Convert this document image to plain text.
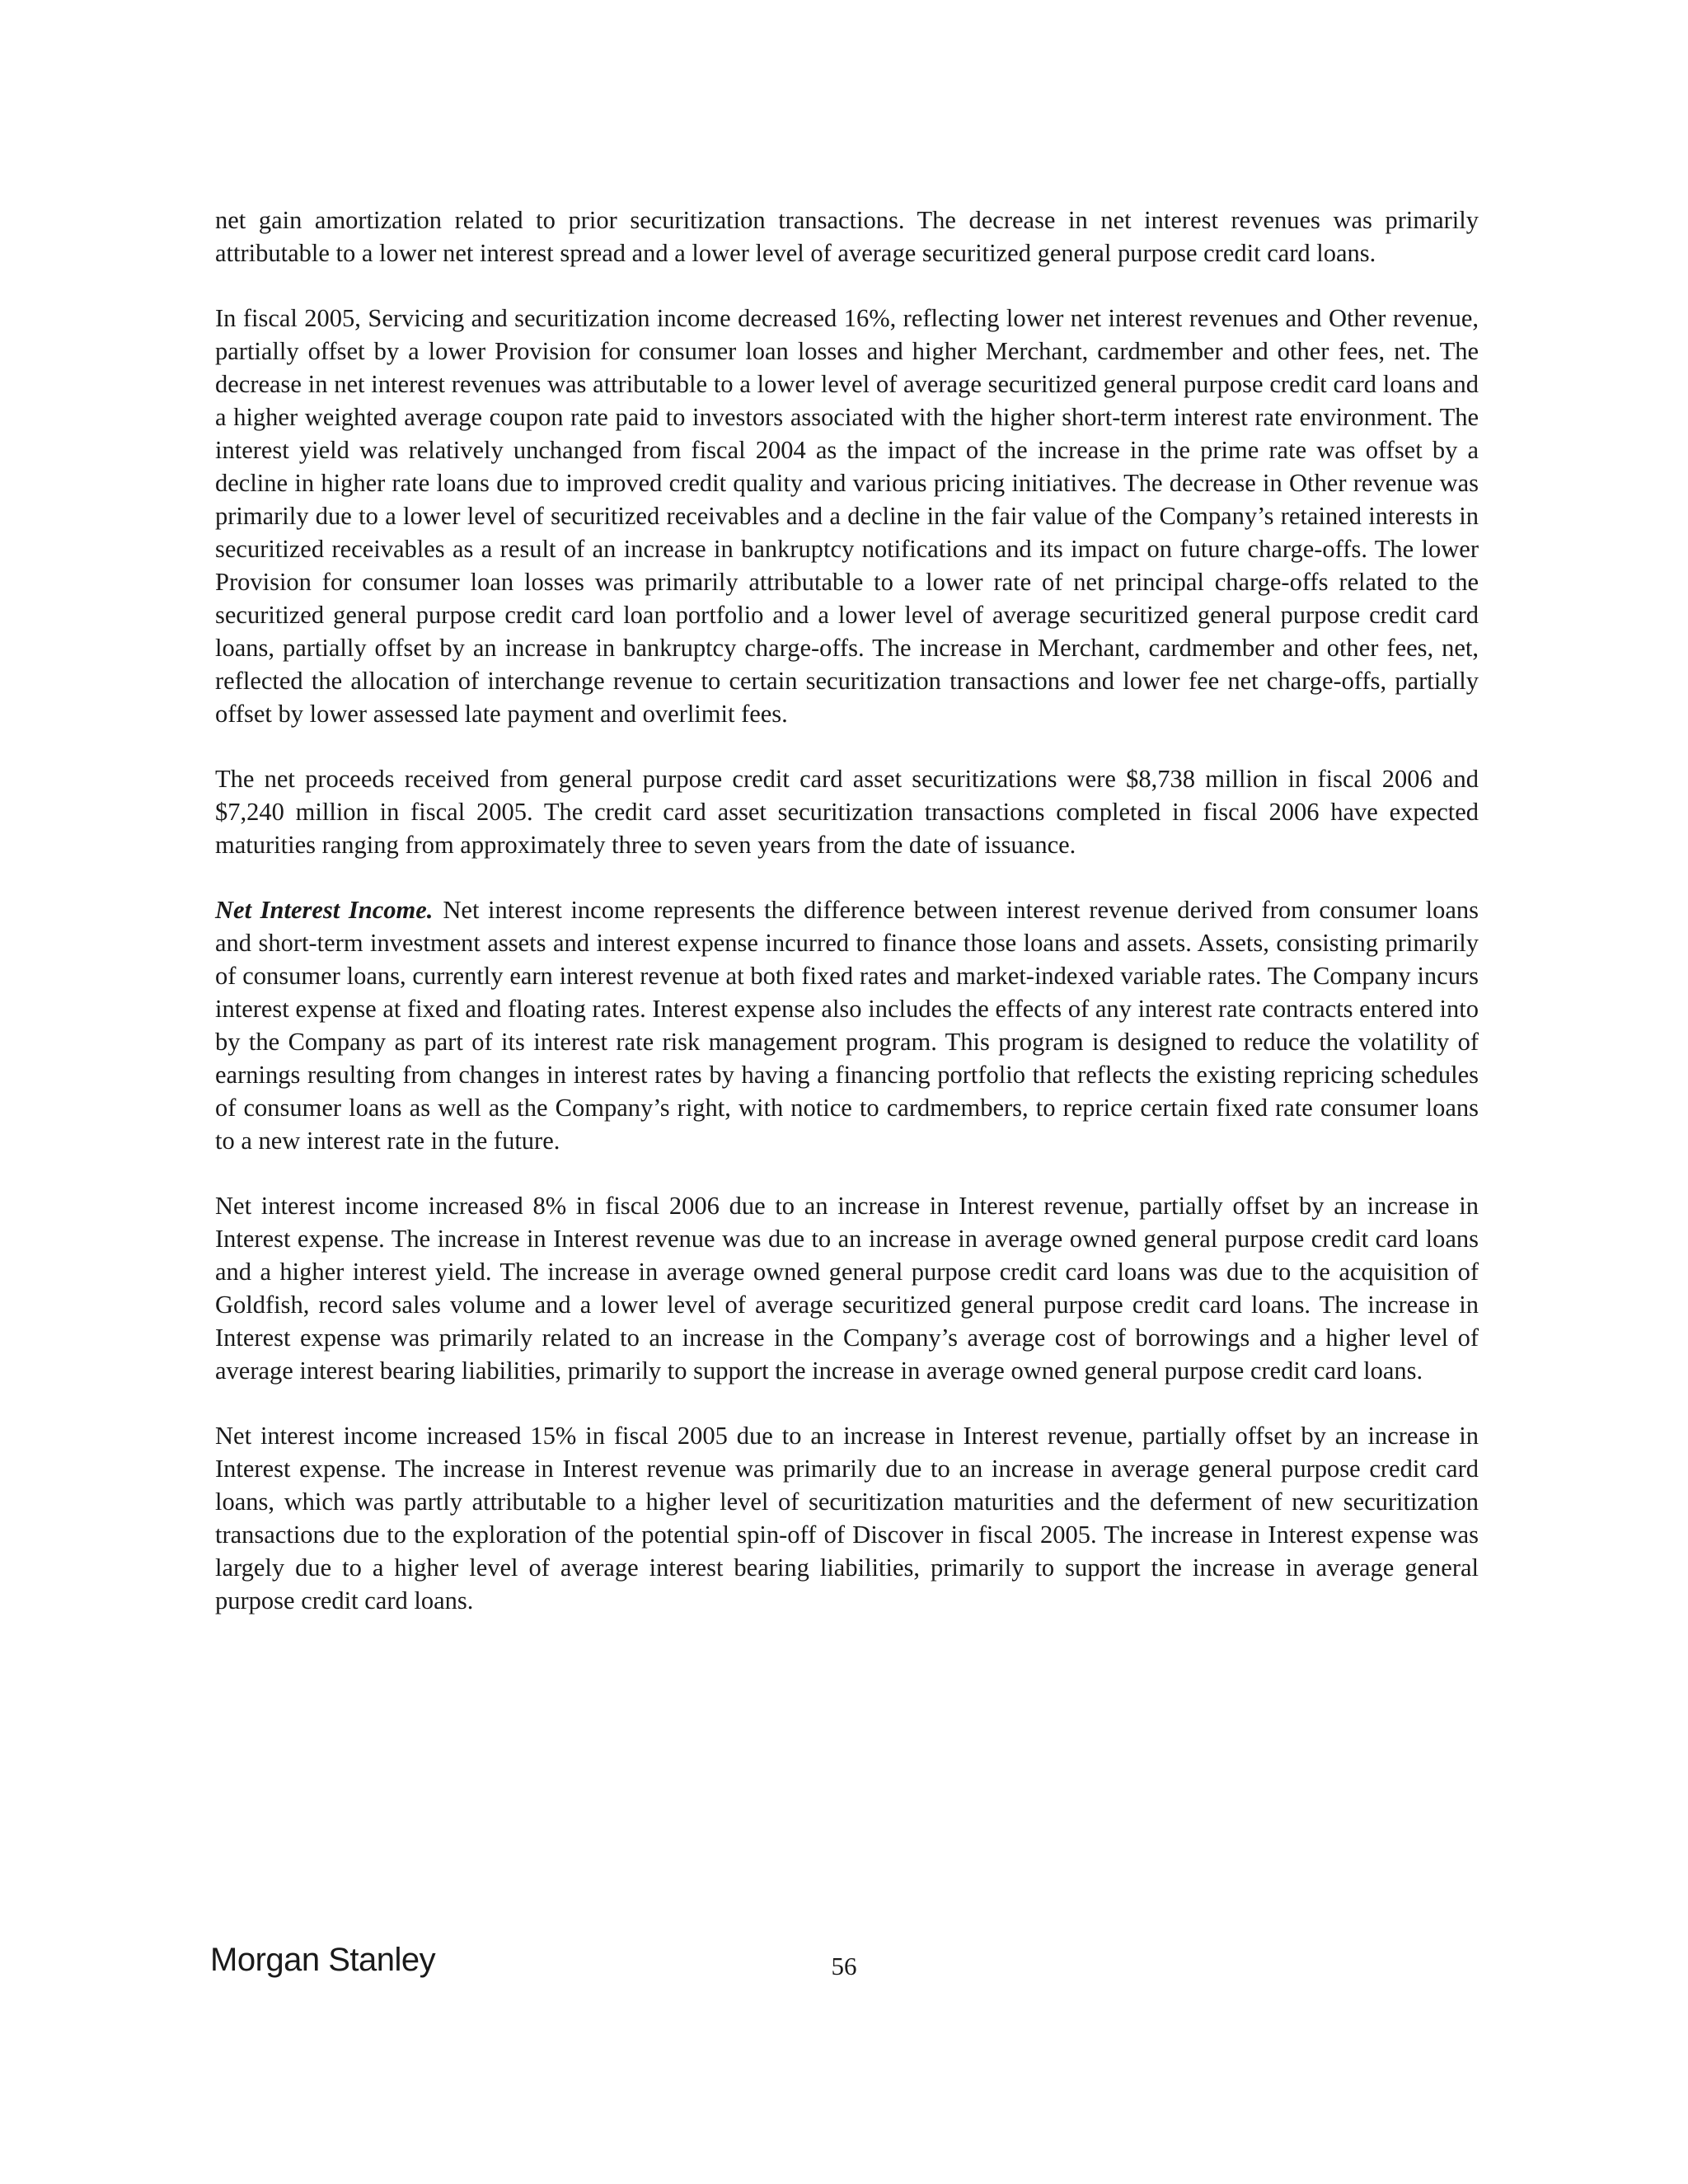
net gain amortization related to prior securitization transactions. The decrease in net interest revenues was primarily attributable to a lower net interest spread and a lower level of average securitized general purpose credit card loans.

In fiscal 2005, Servicing and securitization income decreased 16%, reflecting lower net interest revenues and Other revenue, partially offset by a lower Provision for consumer loan losses and higher Merchant, cardmember and other fees, net. The decrease in net interest revenues was attributable to a lower level of average securitized general purpose credit card loans and a higher weighted average coupon rate paid to investors associated with the higher short-term interest rate environment. The interest yield was relatively unchanged from fiscal 2004 as the impact of the increase in the prime rate was offset by a decline in higher rate loans due to improved credit quality and various pricing initiatives. The decrease in Other revenue was primarily due to a lower level of securitized receivables and a decline in the fair value of the Company’s retained interests in securitized receivables as a result of an increase in bankruptcy notifications and its impact on future charge-offs. The lower Provision for consumer loan losses was primarily attributable to a lower rate of net principal charge-offs related to the securitized general purpose credit card loan portfolio and a lower level of average securitized general purpose credit card loans, partially offset by an increase in bankruptcy charge-offs. The increase in Merchant, cardmember and other fees, net, reflected the allocation of interchange revenue to certain securitization transactions and lower fee net charge-offs, partially offset by lower assessed late payment and overlimit fees.

The net proceeds received from general purpose credit card asset securitizations were $8,738 million in fiscal 2006 and $7,240 million in fiscal 2005. The credit card asset securitization transactions completed in fiscal 2006 have expected maturities ranging from approximately three to seven years from the date of issuance.

Net Interest Income. Net interest income represents the difference between interest revenue derived from consumer loans and short-term investment assets and interest expense incurred to finance those loans and assets. Assets, consisting primarily of consumer loans, currently earn interest revenue at both fixed rates and market-indexed variable rates. The Company incurs interest expense at fixed and floating rates. Interest expense also includes the effects of any interest rate contracts entered into by the Company as part of its interest rate risk management program. This program is designed to reduce the volatility of earnings resulting from changes in interest rates by having a financing portfolio that reflects the existing repricing schedules of consumer loans as well as the Company’s right, with notice to cardmembers, to reprice certain fixed rate consumer loans to a new interest rate in the future.

Net interest income increased 8% in fiscal 2006 due to an increase in Interest revenue, partially offset by an increase in Interest expense. The increase in Interest revenue was due to an increase in average owned general purpose credit card loans and a higher interest yield. The increase in average owned general purpose credit card loans was due to the acquisition of Goldfish, record sales volume and a lower level of average securitized general purpose credit card loans. The increase in Interest expense was primarily related to an increase in the Company’s average cost of borrowings and a higher level of average interest bearing liabilities, primarily to support the increase in average owned general purpose credit card loans.

Net interest income increased 15% in fiscal 2005 due to an increase in Interest revenue, partially offset by an increase in Interest expense. The increase in Interest revenue was primarily due to an increase in average general purpose credit card loans, which was partly attributable to a higher level of securitization maturities and the deferment of new securitization transactions due to the exploration of the potential spin-off of Discover in fiscal 2005. The increase in Interest expense was largely due to a higher level of average interest bearing liabilities, primarily to support the increase in average general purpose credit card loans.

Morgan Stanley	56
